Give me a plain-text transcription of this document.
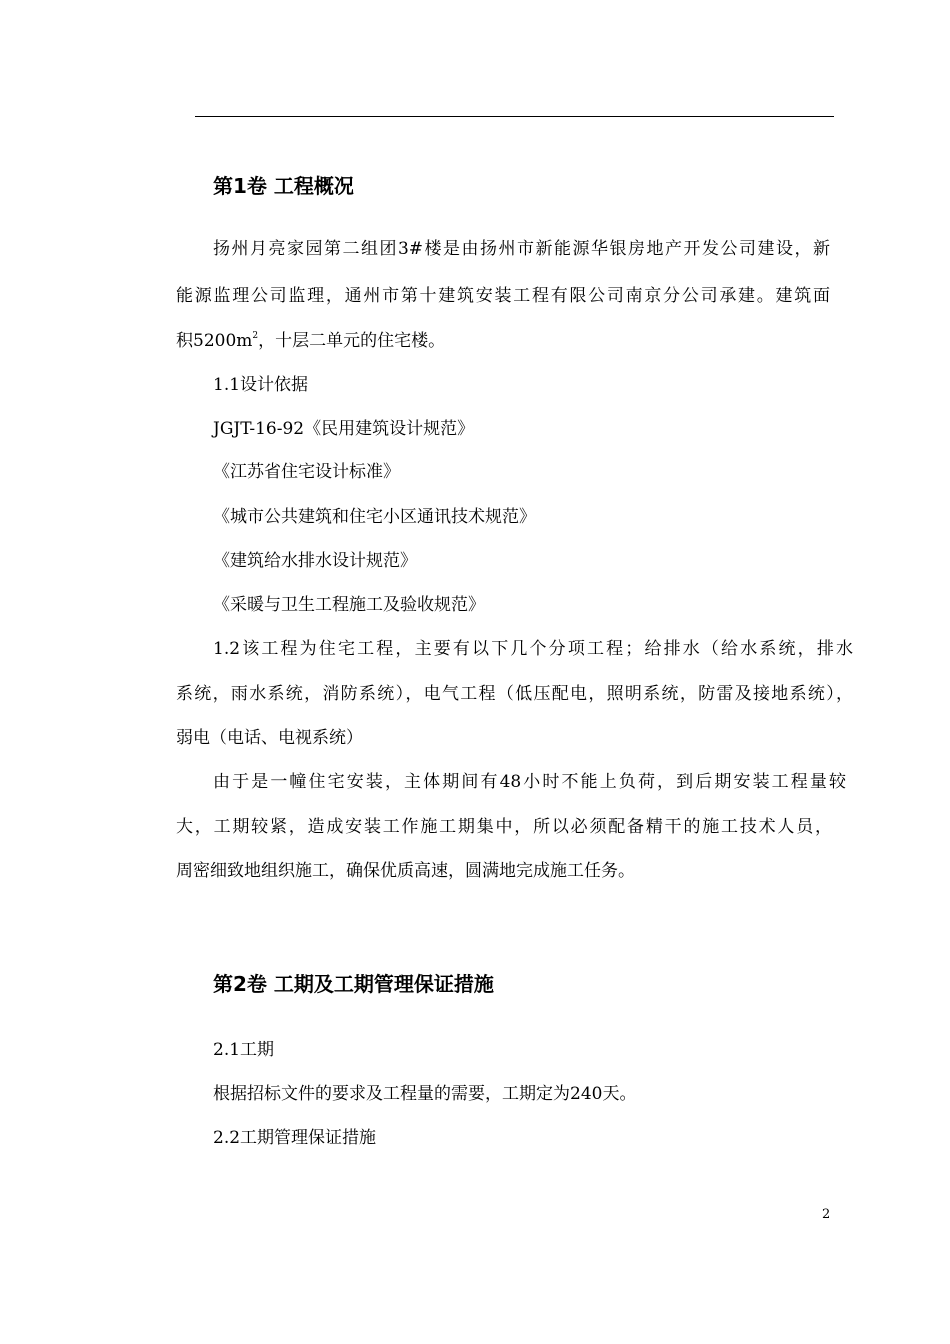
第1卷 工程概况
扬州月亮家园第二组团3#楼是由扬州市新能源华银房地产开发公司建设，新
能源监理公司监理，通州市第十建筑安装工程有限公司南京分公司承建。建筑面
积$5200m^2$，十层二单元的住宅楼。
1.1设计依据
JGJT-16-92《民用建筑设计规范》
《江苏省住宅设计标准》
《城市公共建筑和住宅小区通讯技术规范》
《建筑给水排水设计规范》
《采暖与卫生工程施工及验收规范》
1.2该工程为住宅工程，主要有以下几个分项工程；给排水（给水系统，排水
系统，雨水系统，消防系统），电气工程（低压配电，照明系统，防雷及接地系统），
弱电（电话、电视系统）
由于是一幢住宅安装，主体期间有48小时不能上负荷，到后期安装工程量较
大，工期较紧，造成安装工作施工期集中，所以必须配备精干的施工技术人员，
周密细致地组织施工，确保优质高速，圆满地完成施工任务。
第2卷 工期及工期管理保证措施
2.1工期
根据招标文件的要求及工程量的需要，工期定为240天。
2.2工期管理保证措施
2
